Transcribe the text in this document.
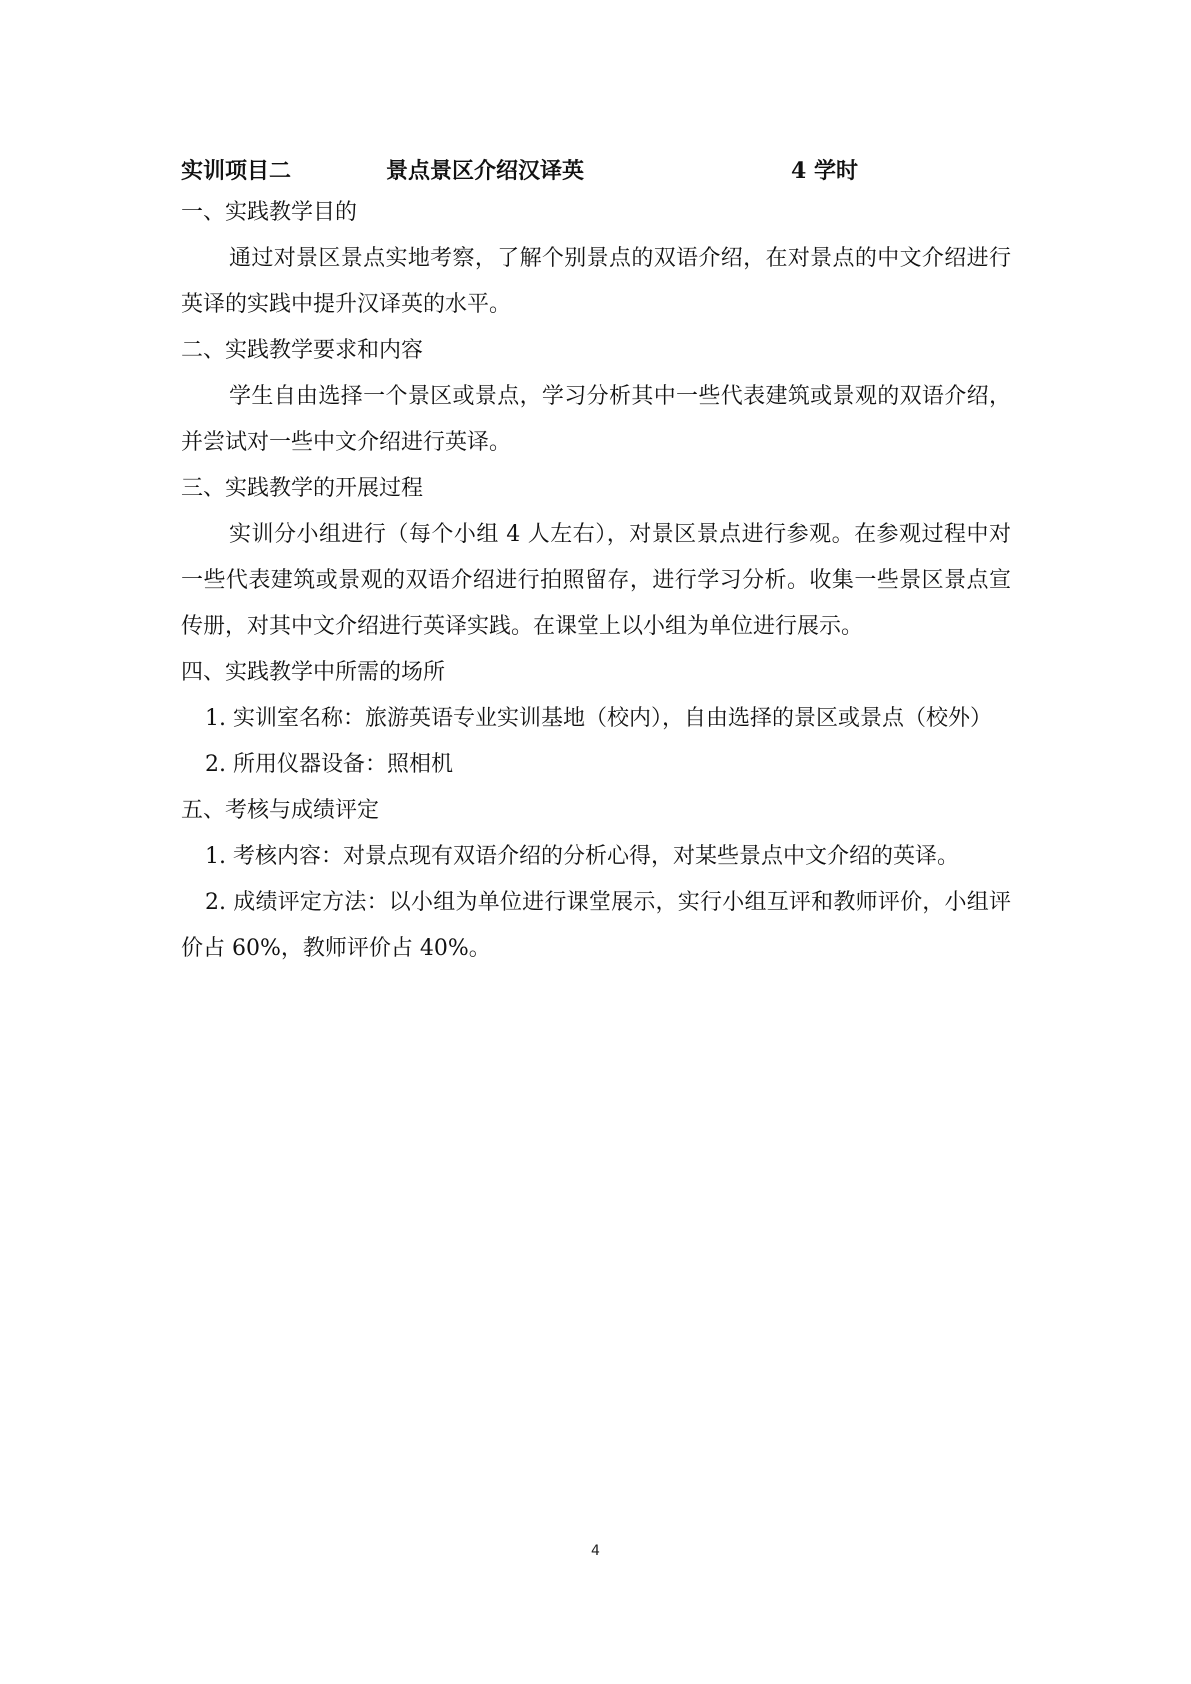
实训项目二	景点景区介绍汉译英	4 学时
一、实践教学目的

通过对景区景点实地考察，了解个别景点的双语介绍，在对景点的中文介绍进行英译的实践中提升汉译英的水平。

二、实践教学要求和内容

学生自由选择一个景区或景点，学习分析其中一些代表建筑或景观的双语介绍，并尝试对一些中文介绍进行英译。

三、实践教学的开展过程

实训分小组进行（每个小组 4 人左右），对景区景点进行参观。在参观过程中对一些代表建筑或景观的双语介绍进行拍照留存，进行学习分析。收集一些景区景点宣传册，对其中文介绍进行英译实践。在课堂上以小组为单位进行展示。

四、实践教学中所需的场所

1. 实训室名称：旅游英语专业实训基地（校内），自由选择的景区或景点（校外）

2. 所用仪器设备：照相机

五、考核与成绩评定

1. 考核内容：对景点现有双语介绍的分析心得，对某些景点中文介绍的英译。

2. 成绩评定方法：以小组为单位进行课堂展示，实行小组互评和教师评价，小组评价占 60%，教师评价占 40%。

4
